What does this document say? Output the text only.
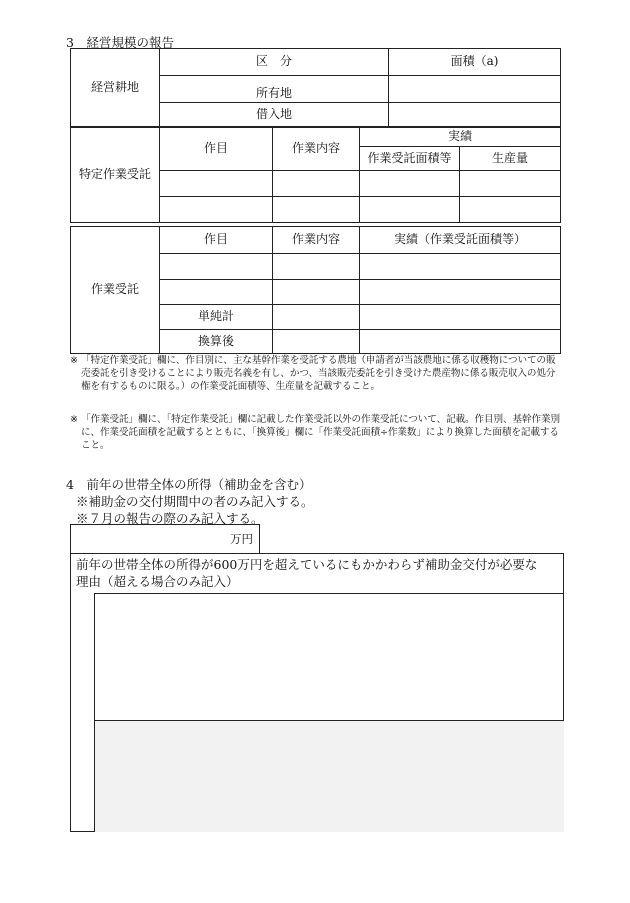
3　経営規模の報告
経営耕地	区　分	面積（a)
	所有地	
	借入地	
特定作業受託	作目	作業内容	実績	
			作業受託面積等	生産量

作業受託	作目	作業内容	実績（作業受託面積等）

	単純計		
	換算後		
※ 「特定作業受託」欄に、作目別に、主な基幹作業を受託する農地（申請者が当該農地に係る収穫物についての販売委託を引き受けることにより販売名義を有し、かつ、当該販売委託を引き受けた農産物に係る販売収入の処分権を有するものに限る。）の作業受託面積等、生産量を記載すること。
※ 「作業受託」欄に、「特定作業受託」欄に記載した作業受託以外の作業受託について、記載。作目別、基幹作業別に、作業受託面積を記載するとともに、「換算後」欄に「作業受託面積÷作業数」により換算した面積を記載すること。
4　前年の世帯全体の所得（補助金を含む）
※補助金の交付期間中の者のみ記入する。
※７月の報告の際のみ記入する。
万円
前年の世帯全体の所得が600万円を超えているにもかかわらず補助金交付が必要な理由（超える場合のみ記入）
